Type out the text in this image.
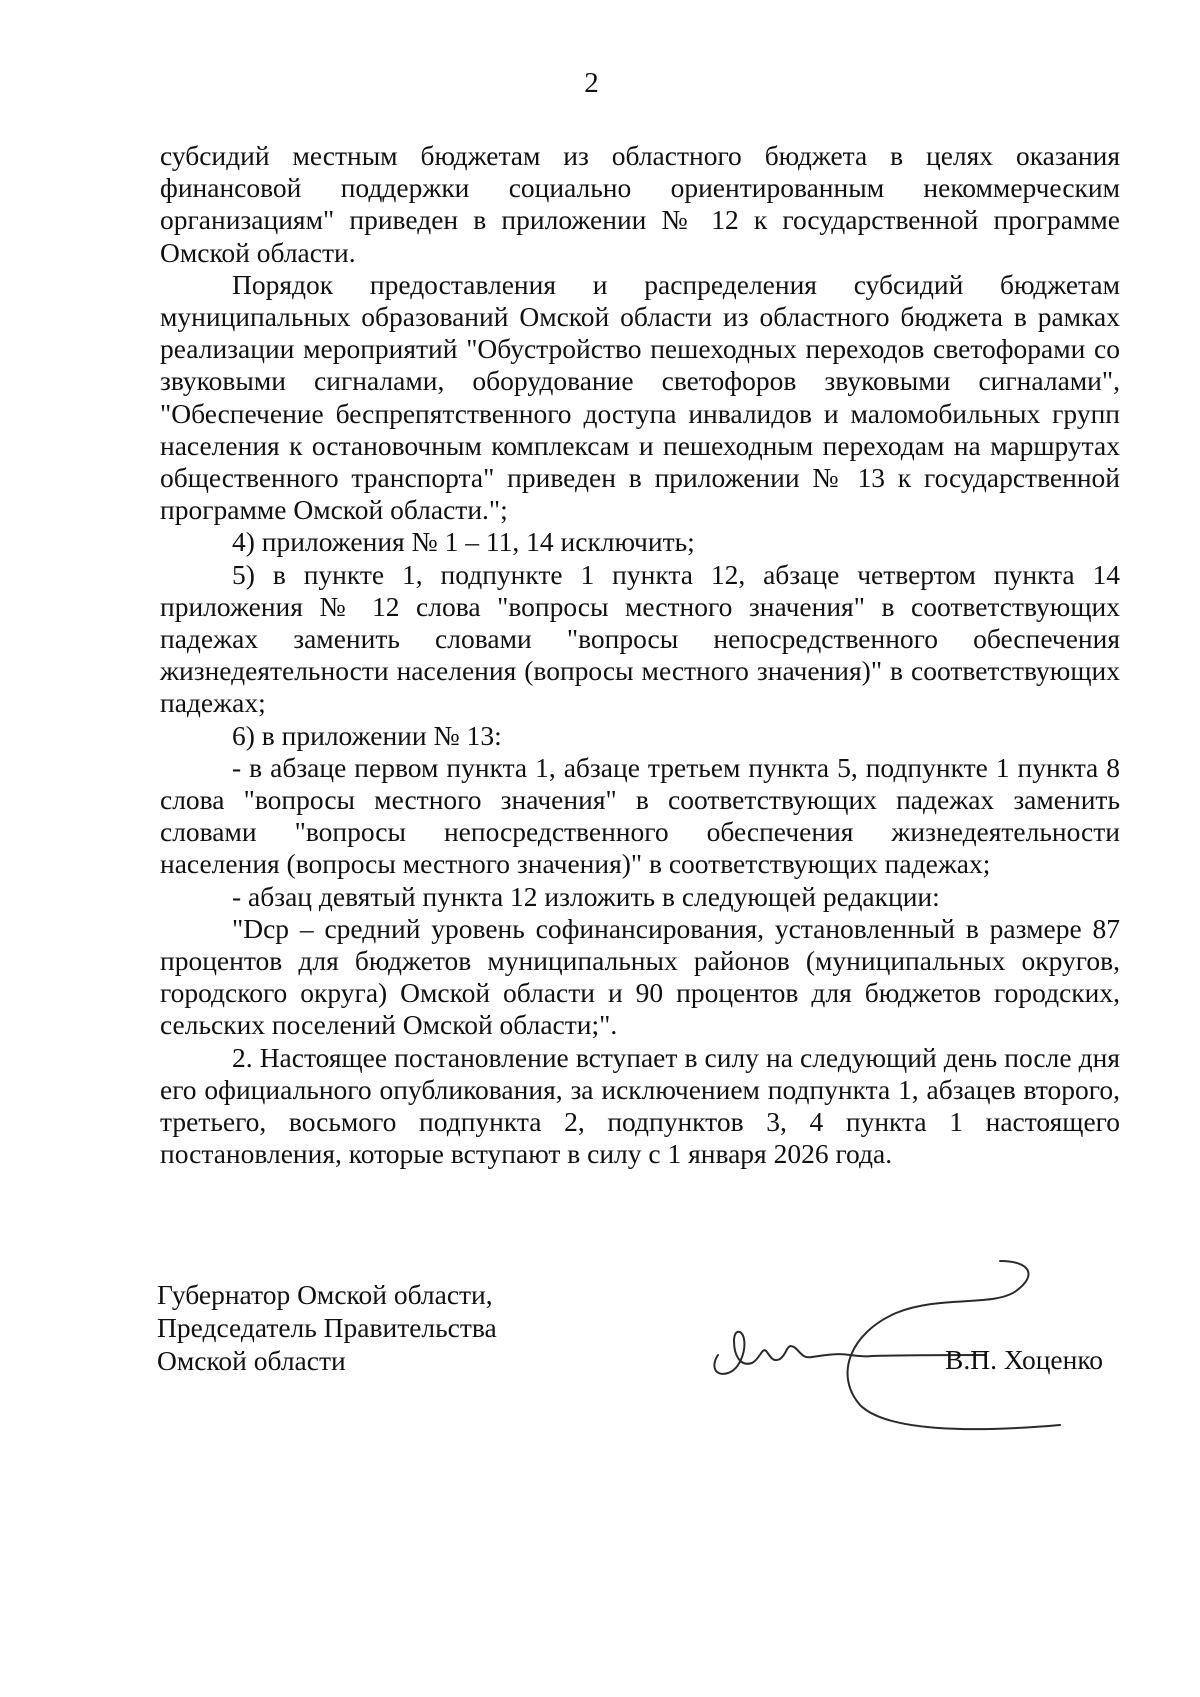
2

субсидий местным бюджетам из областного бюджета в целях оказания финансовой поддержки социально ориентированным некоммерческим организациям" приведен в приложении № 12 к государственной программе Омской области.

Порядок предоставления и распределения субсидий бюджетам муниципальных образований Омской области из областного бюджета в рамках реализации мероприятий "Обустройство пешеходных переходов светофорами со звуковыми сигналами, оборудование светофоров звуковыми сигналами", "Обеспечение беспрепятственного доступа инвалидов и маломобильных групп населения к остановочным комплексам и пешеходным переходам на маршрутах общественного транспорта" приведен в приложении № 13 к государственной программе Омской области.";

4) приложения № 1 – 11, 14 исключить;

5) в пункте 1, подпункте 1 пункта 12, абзаце четвертом пункта 14 приложения № 12 слова "вопросы местного значения" в соответствующих падежах заменить словами "вопросы непосредственного обеспечения жизнедеятельности населения (вопросы местного значения)" в соответствующих падежах;

6) в приложении № 13:

- в абзаце первом пункта 1, абзаце третьем пункта 5, подпункте 1 пункта 8 слова "вопросы местного значения" в соответствующих падежах заменить словами "вопросы непосредственного обеспечения жизнедеятельности населения (вопросы местного значения)" в соответствующих падежах;

- абзац девятый пункта 12 изложить в следующей редакции:

"Dср – средний уровень софинансирования, установленный в размере 87 процентов для бюджетов муниципальных районов (муниципальных округов, городского округа) Омской области и 90 процентов для бюджетов городских, сельских поселений Омской области;".

2. Настоящее постановление вступает в силу на следующий день после дня его официального опубликования, за исключением подпункта 1, абзацев второго, третьего, восьмого подпункта 2, подпунктов 3, 4 пункта 1 настоящего постановления, которые вступают в силу с 1 января 2026 года.

Губернатор Омской области,
Председатель Правительства
Омской области	В.П. Хоценко
